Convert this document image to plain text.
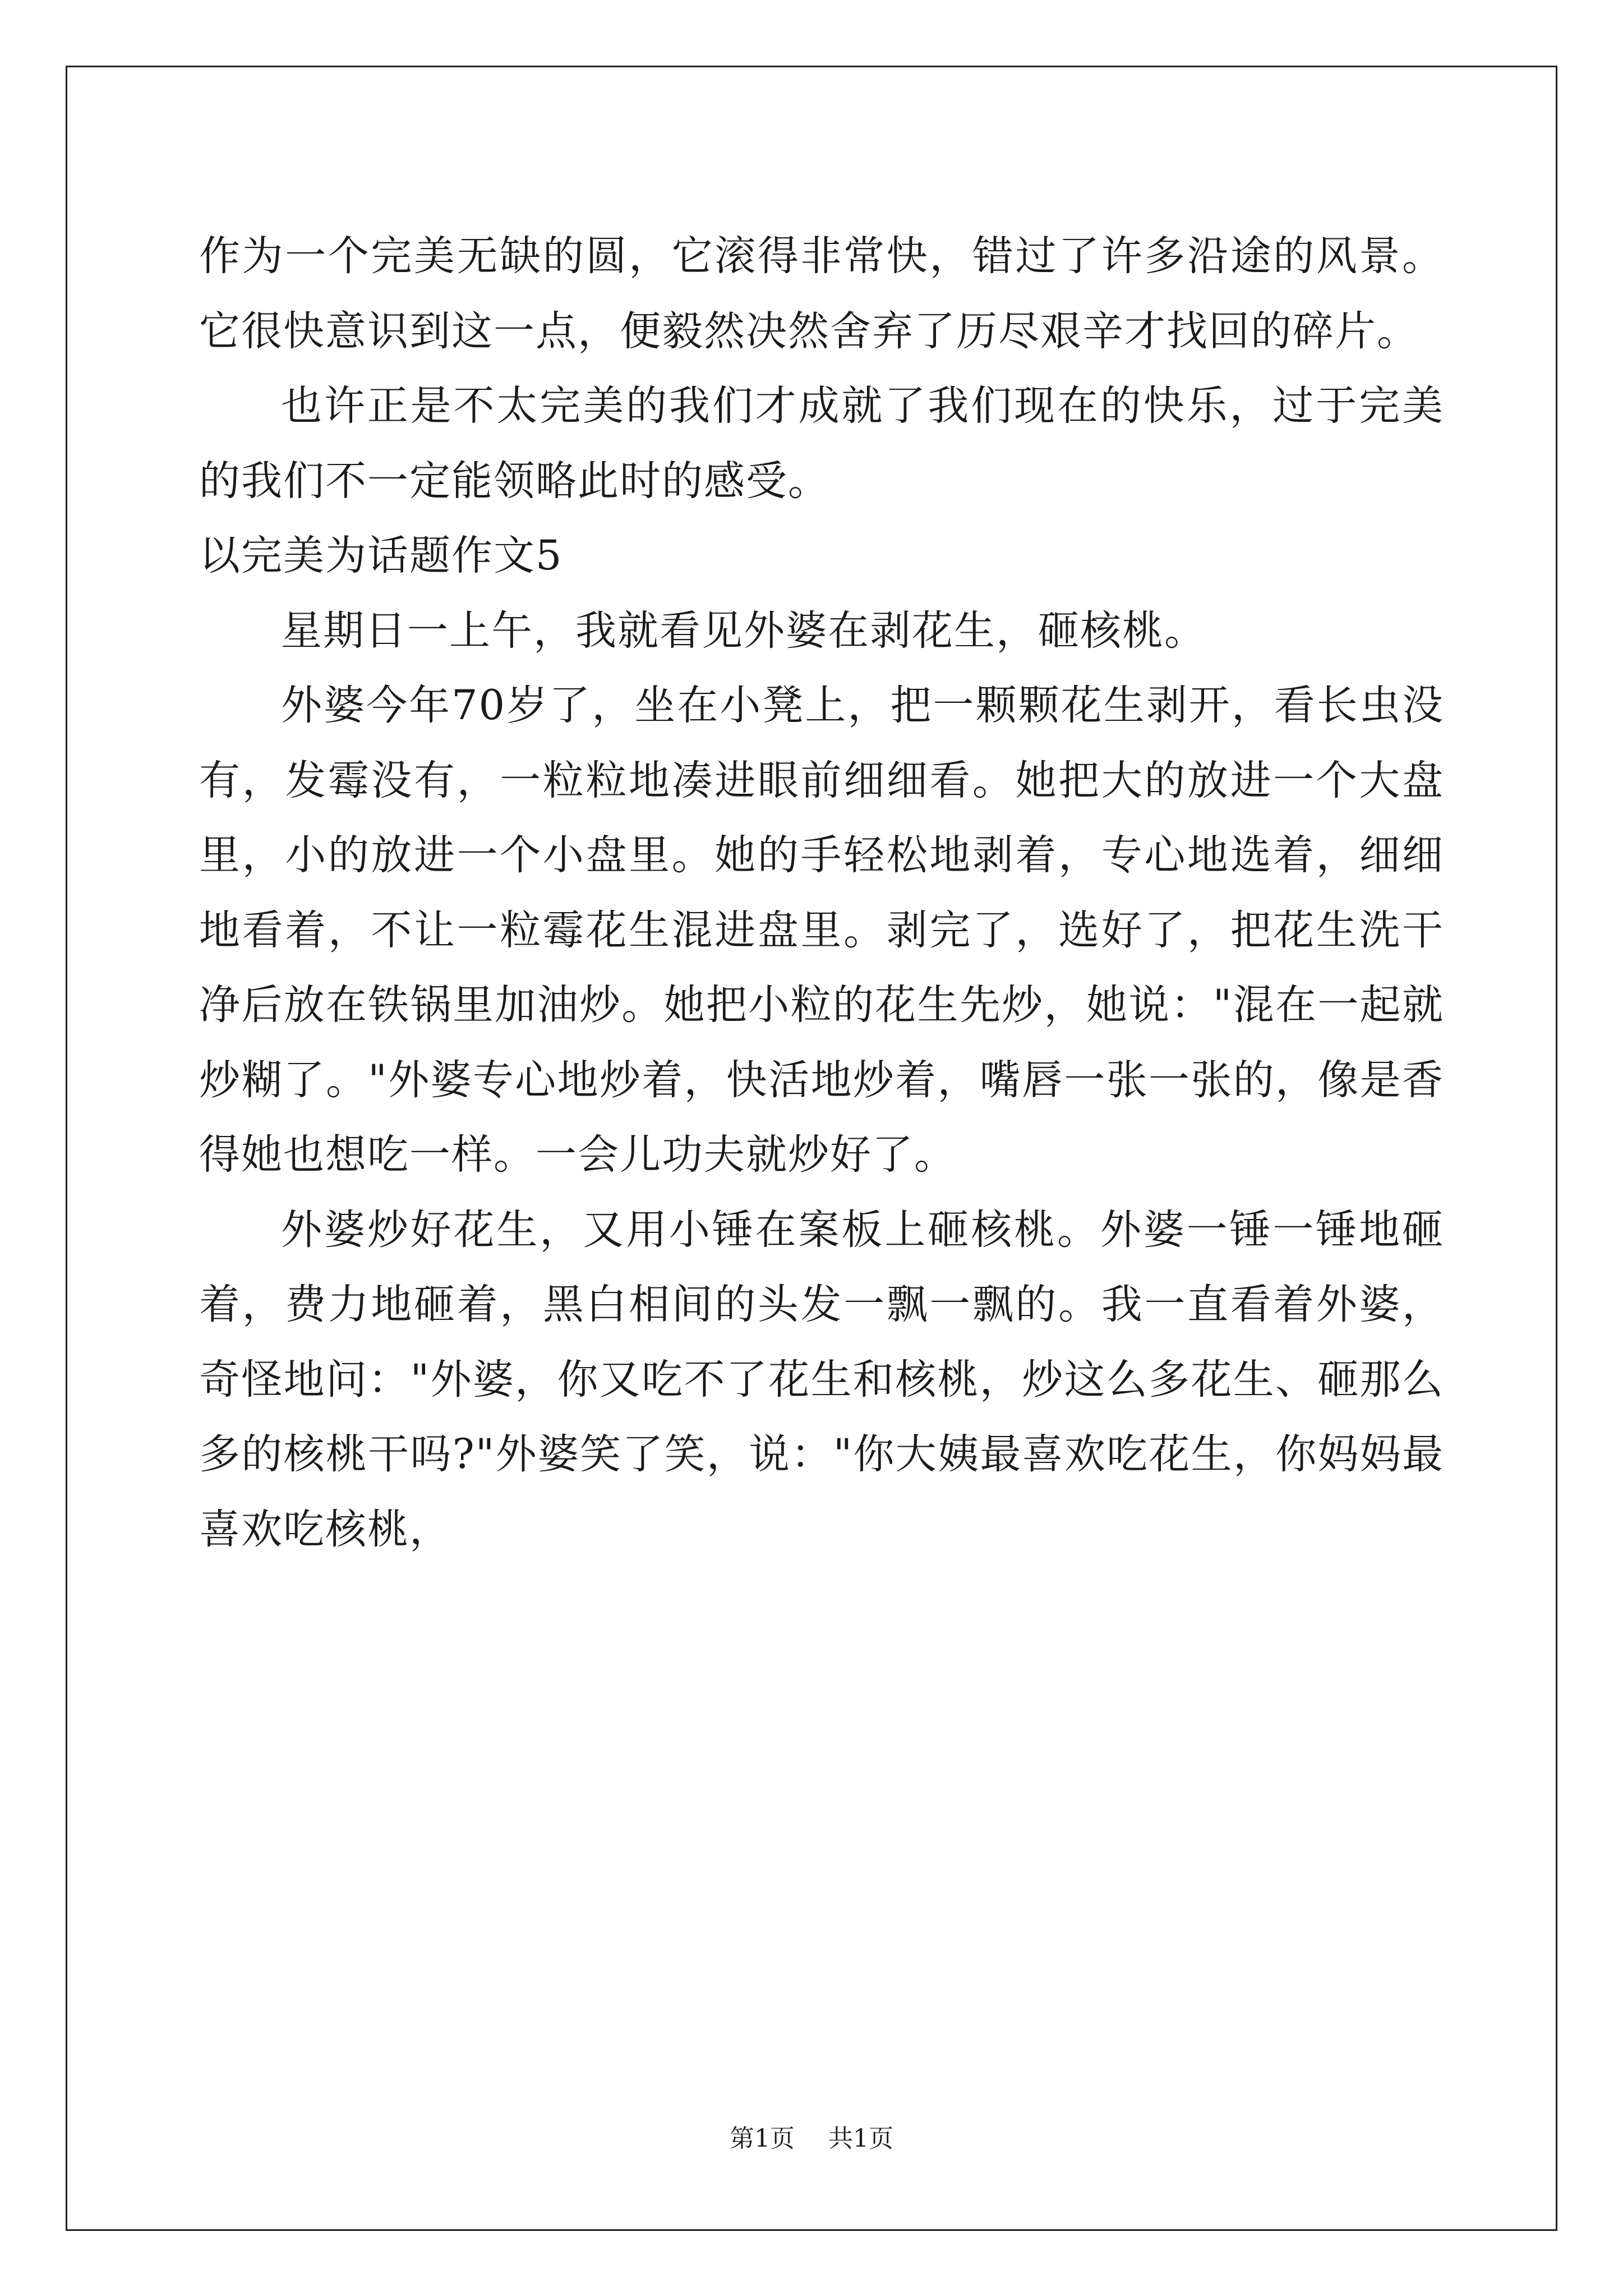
作为一个完美无缺的圆，它滚得非常快，错过了许多沿途的风景。它很快意识到这一点，便毅然决然舍弃了历尽艰辛才找回的碎片。

也许正是不太完美的我们才成就了我们现在的快乐，过于完美的我们不一定能领略此时的感受。

以完美为话题作文5

星期日一上午，我就看见外婆在剥花生，砸核桃。

外婆今年70岁了，坐在小凳上，把一颗颗花生剥开，看长虫没有，发霉没有，一粒粒地凑进眼前细细看。她把大的放进一个大盘里，小的放进一个小盘里。她的手轻松地剥着，专心地选着，细细地看着，不让一粒霉花生混进盘里。剥完了，选好了，把花生洗干净后放在铁锅里加油炒。她把小粒的花生先炒，她说："混在一起就炒糊了。"外婆专心地炒着，快活地炒着，嘴唇一张一张的，像是香得她也想吃一样。一会儿功夫就炒好了。

外婆炒好花生，又用小锤在案板上砸核桃。外婆一锤一锤地砸着，费力地砸着，黑白相间的头发一飘一飘的。我一直看着外婆，奇怪地问："外婆，你又吃不了花生和核桃，炒这么多花生、砸那么多的核桃干吗?"外婆笑了笑，说："你大姨最喜欢吃花生，你妈妈最喜欢吃核桃，

第1页 共1页
